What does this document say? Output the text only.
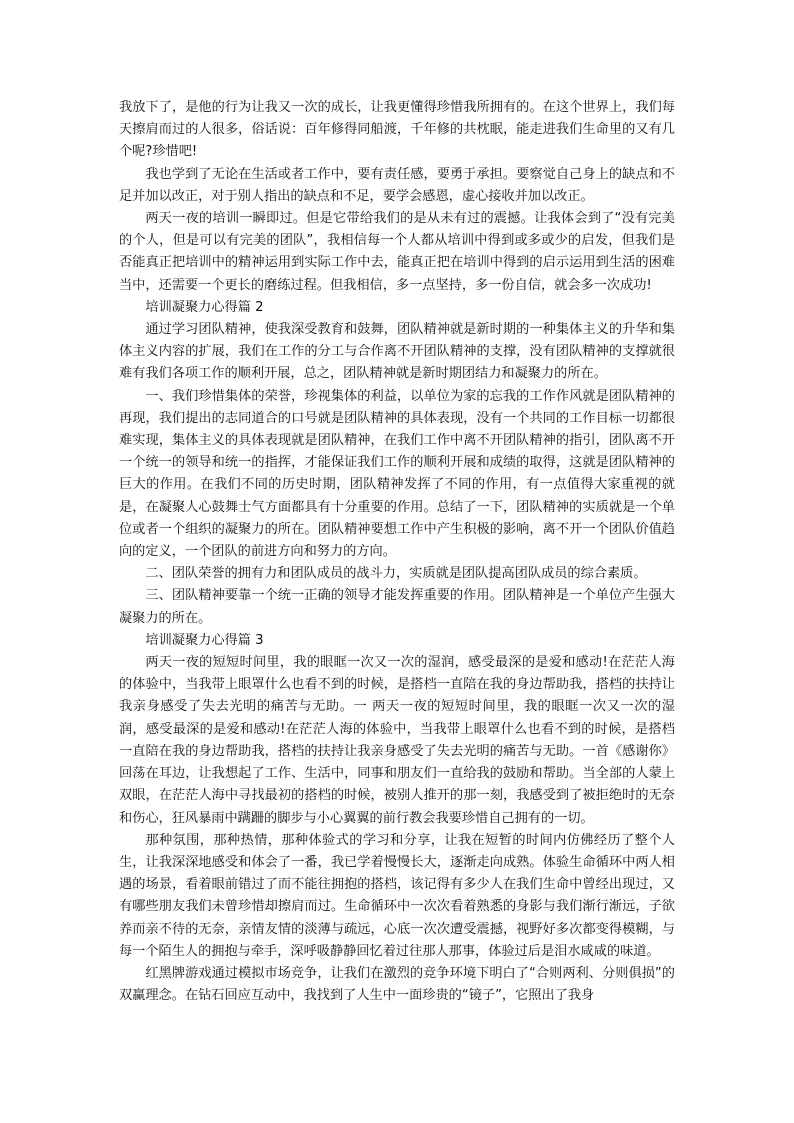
我放下了，是他的行为让我又一次的成长，让我更懂得珍惜我所拥有的。在这个世界上，我们每天擦肩而过的人很多，俗话说：百年修得同船渡，千年修的共枕眠，能走进我们生命里的又有几个呢?珍惜吧!

我也学到了无论在生活或者工作中，要有责任感，要勇于承担。要察觉自己身上的缺点和不足并加以改正，对于别人指出的缺点和不足，要学会感恩，虚心接收并加以改正。

两天一夜的培训一瞬即过。但是它带给我们的是从未有过的震撼。让我体会到了“没有完美的个人，但是可以有完美的团队”，我相信每一个人都从培训中得到或多或少的启发，但我们是否能真正把培训中的精神运用到实际工作中去，能真正把在培训中得到的启示运用到生活的困难当中，还需要一个更长的磨练过程。但我相信，多一点坚持，多一份自信，就会多一次成功!

培训凝聚力心得篇 2

通过学习团队精神，使我深受教育和鼓舞，团队精神就是新时期的一种集体主义的升华和集体主义内容的扩展，我们在工作的分工与合作离不开团队精神的支撑，没有团队精神的支撑就很难有我们各项工作的顺利开展，总之，团队精神就是新时期团结力和凝聚力的所在。

一、我们珍惜集体的荣誉，珍视集体的利益，以单位为家的忘我的工作作风就是团队精神的再现，我们提出的志同道合的口号就是团队精神的具体表现，没有一个共同的工作目标一切都很难实现，集体主义的具体表现就是团队精神，在我们工作中离不开团队精神的指引，团队离不开一个统一的领导和统一的指挥，才能保证我们工作的顺利开展和成绩的取得，这就是团队精神的巨大的作用。在我们不同的历史时期，团队精神发挥了不同的作用，有一点值得大家重视的就是，在凝聚人心鼓舞士气方面都具有十分重要的作用。总结了一下，团队精神的实质就是一个单位或者一个组织的凝聚力的所在。团队精神要想工作中产生积极的影响，离不开一个团队价值趋向的定义，一个团队的前进方向和努力的方向。

二、团队荣誉的拥有力和团队成员的战斗力，实质就是团队提高团队成员的综合素质。

三、团队精神要靠一个统一正确的领导才能发挥重要的作用。团队精神是一个单位产生强大凝聚力的所在。

培训凝聚力心得篇 3

两天一夜的短短时间里，我的眼眶一次又一次的湿润，感受最深的是爱和感动!在茫茫人海的体验中，当我带上眼罩什么也看不到的时候，是搭档一直陪在我的身边帮助我，搭档的扶持让我亲身感受了失去光明的痛苦与无助。一 两天一夜的短短时间里，我的眼眶一次又一次的湿润，感受最深的是爱和感动!在茫茫人海的体验中，当我带上眼罩什么也看不到的时候，是搭档一直陪在我的身边帮助我，搭档的扶持让我亲身感受了失去光明的痛苦与无助。一首《感谢你》回荡在耳边，让我想起了工作、生活中，同事和朋友们一直给我的鼓励和帮助。当全部的人蒙上双眼，在茫茫人海中寻找最初的搭档的时候，被别人推开的那一刻，我感受到了被拒绝时的无奈和伤心，狂风暴雨中蹒跚的脚步与小心翼翼的前行教会我要珍惜自己拥有的一切。

那种氛围，那种热情，那种体验式的学习和分享，让我在短暂的时间内仿佛经历了整个人生，让我深深地感受和体会了一番，我已学着慢慢长大，逐渐走向成熟。体验生命循环中两人相遇的场景，看着眼前错过了而不能往拥抱的搭档，该记得有多少人在我们生命中曾经出现过，又有哪些朋友我们未曾珍惜却擦肩而过。生命循环中一次次看着熟悉的身影与我们渐行渐远，子欲养而亲不待的无奈，亲情友情的淡薄与疏远，心底一次次遭受震撼，视野好多次都变得模糊，与每一个陌生人的拥抱与牵手，深呼吸静静回忆着过往那人那事，体验过后是泪水咸咸的味道。

红黑牌游戏通过模拟市场竞争，让我们在激烈的竞争环境下明白了“合则两利、分则俱损”的双赢理念。在钻石回应互动中，我找到了人生中一面珍贵的“镜子”，它照出了我身
